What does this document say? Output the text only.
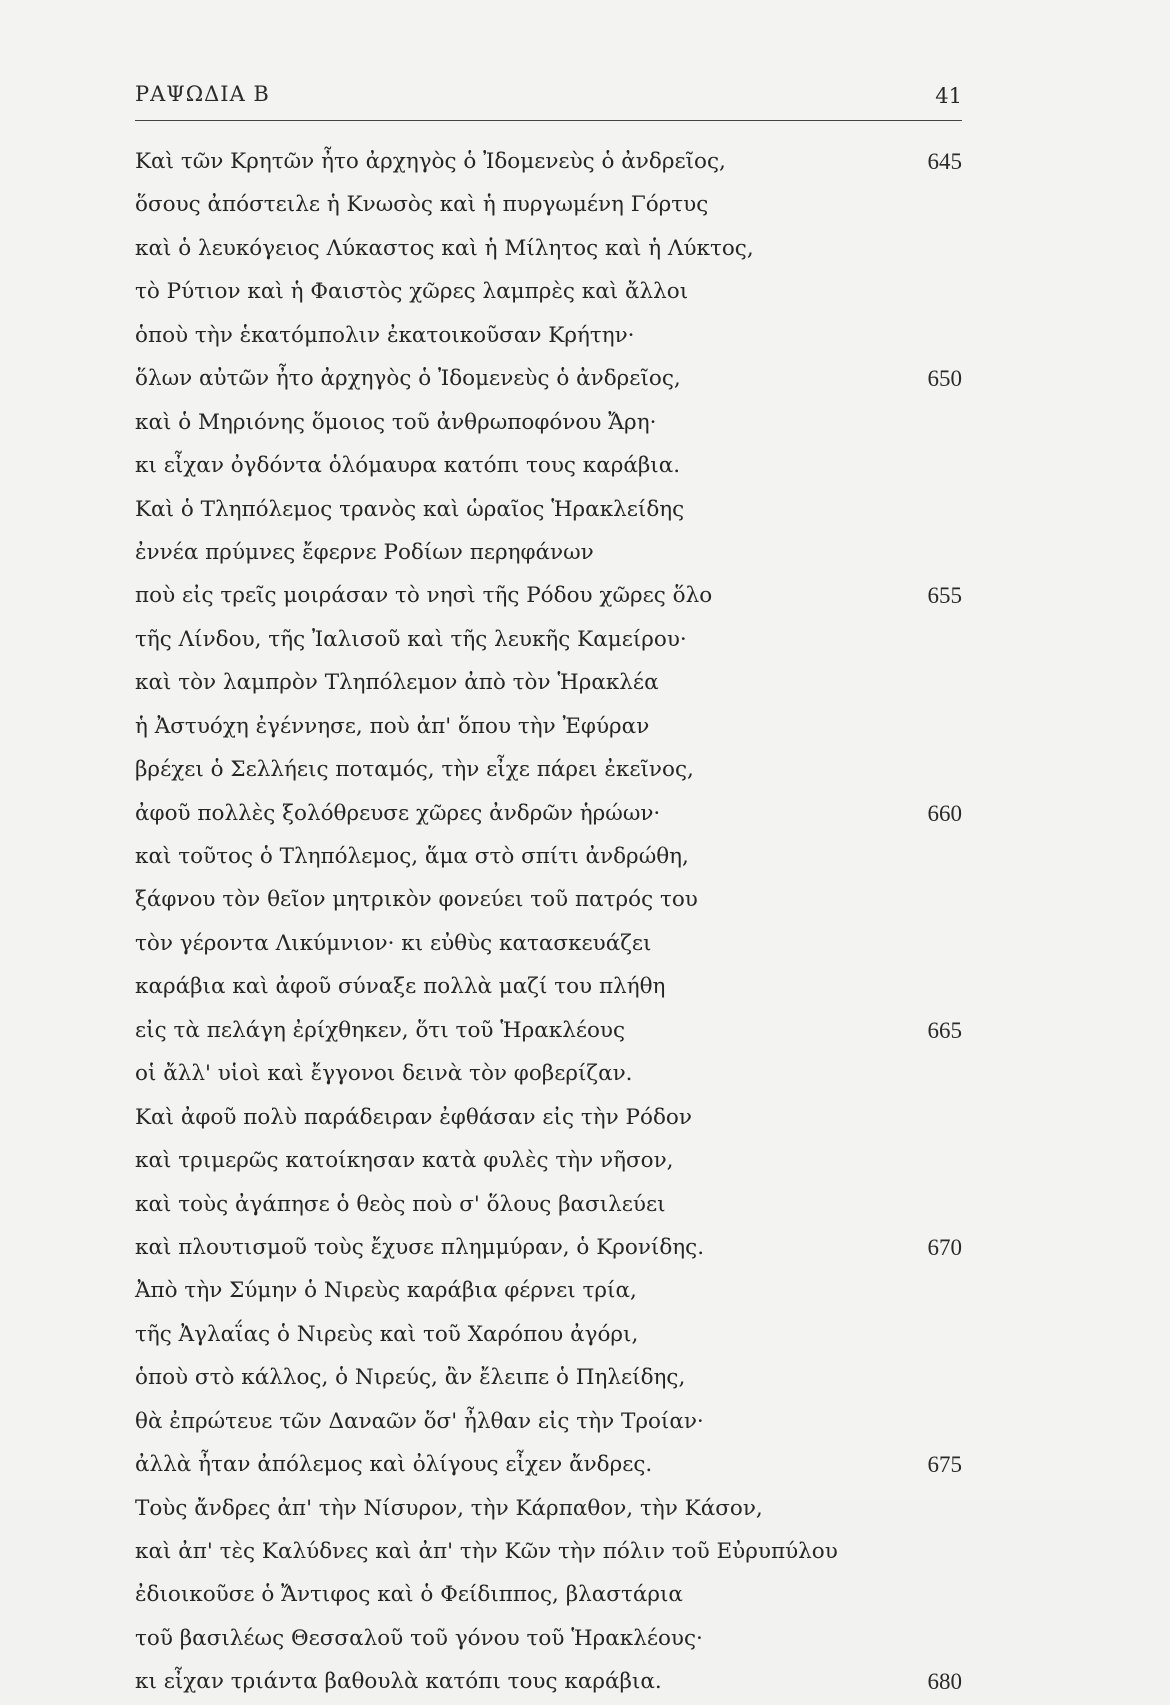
ΡΑΨΩΔΙΑ Β	41
Καὶ τῶν Κρητῶν ἦτο ἀρχηγὸς ὁ Ἰδομενεὺς ὁ ἀνδρεῖος,	645
ὅσους ἀπόστειλε ἡ Κνωσὸς καὶ ἡ πυργωμένη Γόρτυς
καὶ ὁ λευκόγειος Λύκαστος καὶ ἡ Μίλητος καὶ ἡ Λύκτος,
τὸ Ρύτιον καὶ ἡ Φαιστὸς χῶρες λαμπρὲς καὶ ἄλλοι
ὁποὺ τὴν ἑκατόμπολιν ἐκατοικοῦσαν Κρήτην·
ὅλων αὐτῶν ἦτο ἀρχηγὸς ὁ Ἰδομενεὺς ὁ ἀνδρεῖος,	650
καὶ ὁ Μηριόνης ὅμοιος τοῦ ἀνθρωποφόνου Ἄρη·
κι εἶχαν ὀγδόντα ὁλόμαυρα κατόπι τους καράβια.
Καὶ ὁ Τληπόλεμος τρανὸς καὶ ὡραῖος Ἡρακλείδης
ἐννέα πρύμνες ἔφερνε Ροδίων περηφάνων
ποὺ εἰς τρεῖς μοιράσαν τὸ νησὶ τῆς Ρόδου χῶρες ὅλο	655
τῆς Λίνδου, τῆς Ἰαλισοῦ καὶ τῆς λευκῆς Καμείρου·
καὶ τὸν λαμπρὸν Τληπόλεμον ἀπὸ τὸν Ἡρακλέα
ἡ Ἀστυόχη ἐγέννησε, ποὺ ἀπ' ὅπου τὴν Ἐφύραν
βρέχει ὁ Σελλήεις ποταμός, τὴν εἶχε πάρει ἐκεῖνος,
ἀφοῦ πολλὲς ξολόθρευσε χῶρες ἀνδρῶν ἡρώων·	660
καὶ τοῦτος ὁ Τληπόλεμος, ἅμα στὸ σπίτι ἀνδρώθη,
ξάφνου τὸν θεῖον μητρικὸν φονεύει τοῦ πατρός του
τὸν γέροντα Λικύμνιον· κι εὐθὺς κατασκευάζει
καράβια καὶ ἀφοῦ σύναξε πολλὰ μαζί του πλήθη
εἰς τὰ πελάγη ἐρίχθηκεν, ὅτι τοῦ Ἡρακλέους	665
οἱ ἄλλ' υἱοὶ καὶ ἔγγονοι δεινὰ τὸν φοβερίζαν.
Καὶ ἀφοῦ πολὺ παράδειραν ἐφθάσαν εἰς τὴν Ρόδον
καὶ τριμερῶς κατοίκησαν κατὰ φυλὲς τὴν νῆσον,
καὶ τοὺς ἀγάπησε ὁ θεὸς ποὺ σ' ὅλους βασιλεύει
καὶ πλουτισμοῦ τοὺς ἔχυσε πλημμύραν, ὁ Κρονίδης.	670
Ἀπὸ τὴν Σύμην ὁ Νιρεὺς καράβια φέρνει τρία,
τῆς Ἀγλαΐας ὁ Νιρεὺς καὶ τοῦ Χαρόπου ἀγόρι,
ὁποὺ στὸ κάλλος, ὁ Νιρεύς, ἂν ἔλειπε ὁ Πηλείδης,
θὰ ἐπρώτευε τῶν Δαναῶν ὅσ' ἦλθαν εἰς τὴν Τροίαν·
ἀλλὰ ἦταν ἀπόλεμος καὶ ὀλίγους εἶχεν ἄνδρες.	675
Τοὺς ἄνδρες ἀπ' τὴν Νίσυρον, τὴν Κάρπαθον, τὴν Κάσον,
καὶ ἀπ' τὲς Καλύδνες καὶ ἀπ' τὴν Κῶν τὴν πόλιν τοῦ Εὐρυπύλου
ἐδιοικοῦσε ὁ Ἄντιφος καὶ ὁ Φείδιππος, βλαστάρια
τοῦ βασιλέως Θεσσαλοῦ τοῦ γόνου τοῦ Ἡρακλέους·
κι εἶχαν τριάντα βαθουλὰ κατόπι τους καράβια.	680
